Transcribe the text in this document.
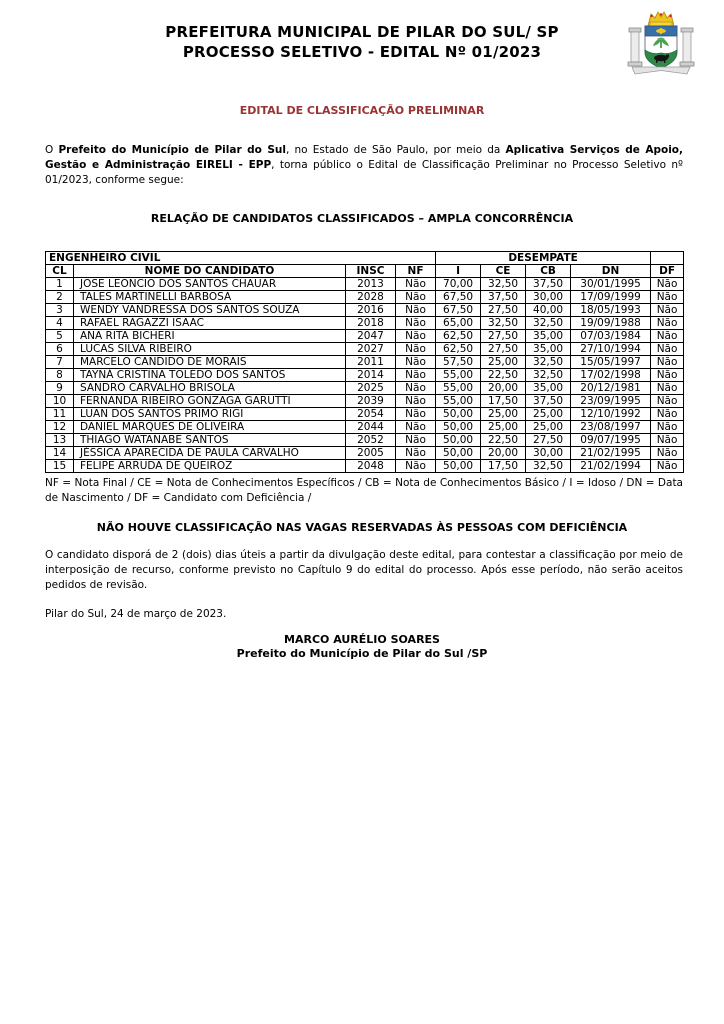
PREFEITURA MUNICIPAL DE PILAR DO SUL/ SP
PROCESSO SELETIVO - EDITAL Nº 01/2023
EDITAL DE CLASSIFICAÇÃO PRELIMINAR

O Prefeito do Município de Pilar do Sul, no Estado de São Paulo, por meio da Aplicativa Serviços de Apoio, Gestão e Administração EIRELI - EPP, torna público o Edital de Classificação Preliminar no Processo Seletivo nº 01/2023, conforme segue:

RELAÇÃO DE CANDIDATOS CLASSIFICADOS – AMPLA CONCORRÊNCIA
ENGENHEIRO CIVIL				DESEMPATE				
CL	NOME DO CANDIDATO	INSC	NF	I	CE	CB	DN	DF
1	JOSE LEONCIO DOS SANTOS CHAUAR	2013	Não	70,00	32,50	37,50	30/01/1995	Não
2	TALES MARTINELLI BARBOSA	2028	Não	67,50	37,50	30,00	17/09/1999	Não
3	WENDY VANDRESSA DOS SANTOS SOUZA	2016	Não	67,50	27,50	40,00	18/05/1993	Não
4	RAFAEL RAGAZZI ISAAC	2018	Não	65,00	32,50	32,50	19/09/1988	Não
5	ANA RITA BICHERI	2047	Não	62,50	27,50	35,00	07/03/1984	Não
6	LUCAS SILVA RIBEIRO	2027	Não	62,50	27,50	35,00	27/10/1994	Não
7	MARCELO CANDIDO DE MORAIS	2011	Não	57,50	25,00	32,50	15/05/1997	Não
8	TAYNÁ CRISTINA TOLEDO DOS SANTOS	2014	Não	55,00	22,50	32,50	17/02/1998	Não
9	SANDRO CARVALHO BRISOLA	2025	Não	55,00	20,00	35,00	20/12/1981	Não
10	FERNANDA RIBEIRO GONZAGA GARUTTI	2039	Não	55,00	17,50	37,50	23/09/1995	Não
11	LUAN DOS SANTOS PRIMO RIGI	2054	Não	50,00	25,00	25,00	12/10/1992	Não
12	DANIEL MARQUES DE OLIVEIRA	2044	Não	50,00	25,00	25,00	23/08/1997	Não
13	THIAGO WATANABE SANTOS	2052	Não	50,00	22,50	27,50	09/07/1995	Não
14	JÉSSICA APARECIDA DE PAULA CARVALHO	2005	Não	50,00	20,00	30,00	21/02/1995	Não
15	FELIPE ARRUDA DE QUEIROZ	2048	Não	50,00	17,50	32,50	21/02/1994	Não

NF = Nota Final / CE = Nota de Conhecimentos Específicos / CB = Nota de Conhecimentos Básico / I = Idoso / DN = Data de Nascimento / DF = Candidato com Deficiência /

NÃO HOUVE CLASSIFICAÇÃO NAS VAGAS RESERVADAS ÀS PESSOAS COM DEFICIÊNCIA

O candidato disporá de 2 (dois) dias úteis a partir da divulgação deste edital, para contestar a classificação por meio de interposição de recurso, conforme previsto no Capítulo 9 do edital do processo. Após esse período, não serão aceitos pedidos de revisão.

Pilar do Sul, 24 de março de 2023.

MARCO AURÉLIO SOARES
Prefeito do Município de Pilar do Sul /SP
